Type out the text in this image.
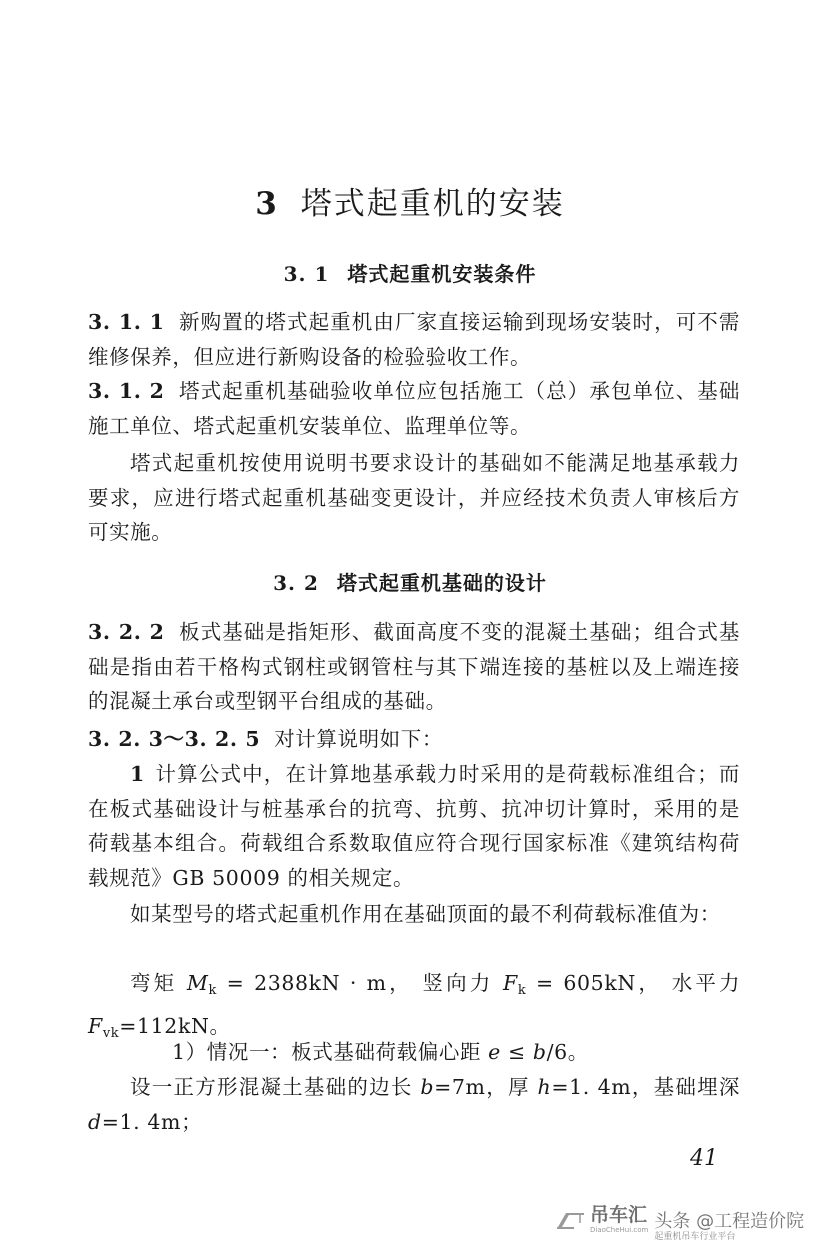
3 塔式起重机的安装
3. 1 塔式起重机安装条件

3. 1. 1 新购置的塔式起重机由厂家直接运输到现场安装时，可不需维修保养，但应进行新购设备的检验验收工作。

3. 1. 2 塔式起重机基础验收单位应包括施工（总）承包单位、基础施工单位、塔式起重机安装单位、监理单位等。

塔式起重机按使用说明书要求设计的基础如不能满足地基承载力要求，应进行塔式起重机基础变更设计，并应经技术负责人审核后方可实施。

3. 2 塔式起重机基础的设计

3. 2. 2 板式基础是指矩形、截面高度不变的混凝土基础；组合式基础是指由若干格构式钢柱或钢管柱与其下端连接的基桩以及上端连接的混凝土承台或型钢平台组成的基础。

3. 2. 3～3. 2. 5 对计算说明如下：

1 计算公式中，在计算地基承载力时采用的是荷载标准组合；而在板式基础设计与桩基承台的抗弯、抗剪、抗冲切计算时，采用的是荷载基本组合。荷载组合系数取值应符合现行国家标准《建筑结构荷载规范》GB 50009 的相关规定。

如某型号的塔式起重机作用在基础顶面的最不利荷载标准值为：

弯矩 $M_k = 2388kN \cdot m$， 竖向力 $F_k = 605kN$， 水平力 $F_{vk}=112kN$。

1）情况一：板式基础荷载偏心距 e ≤ b/6。

设一正方形混凝土基础的边长 b=7m，厚 h=1. 4m，基础埋深 d=1. 4m；

41
吊车汇
DiaoCheHui.com 头条 @工程造价院
起重机吊车行业平台
